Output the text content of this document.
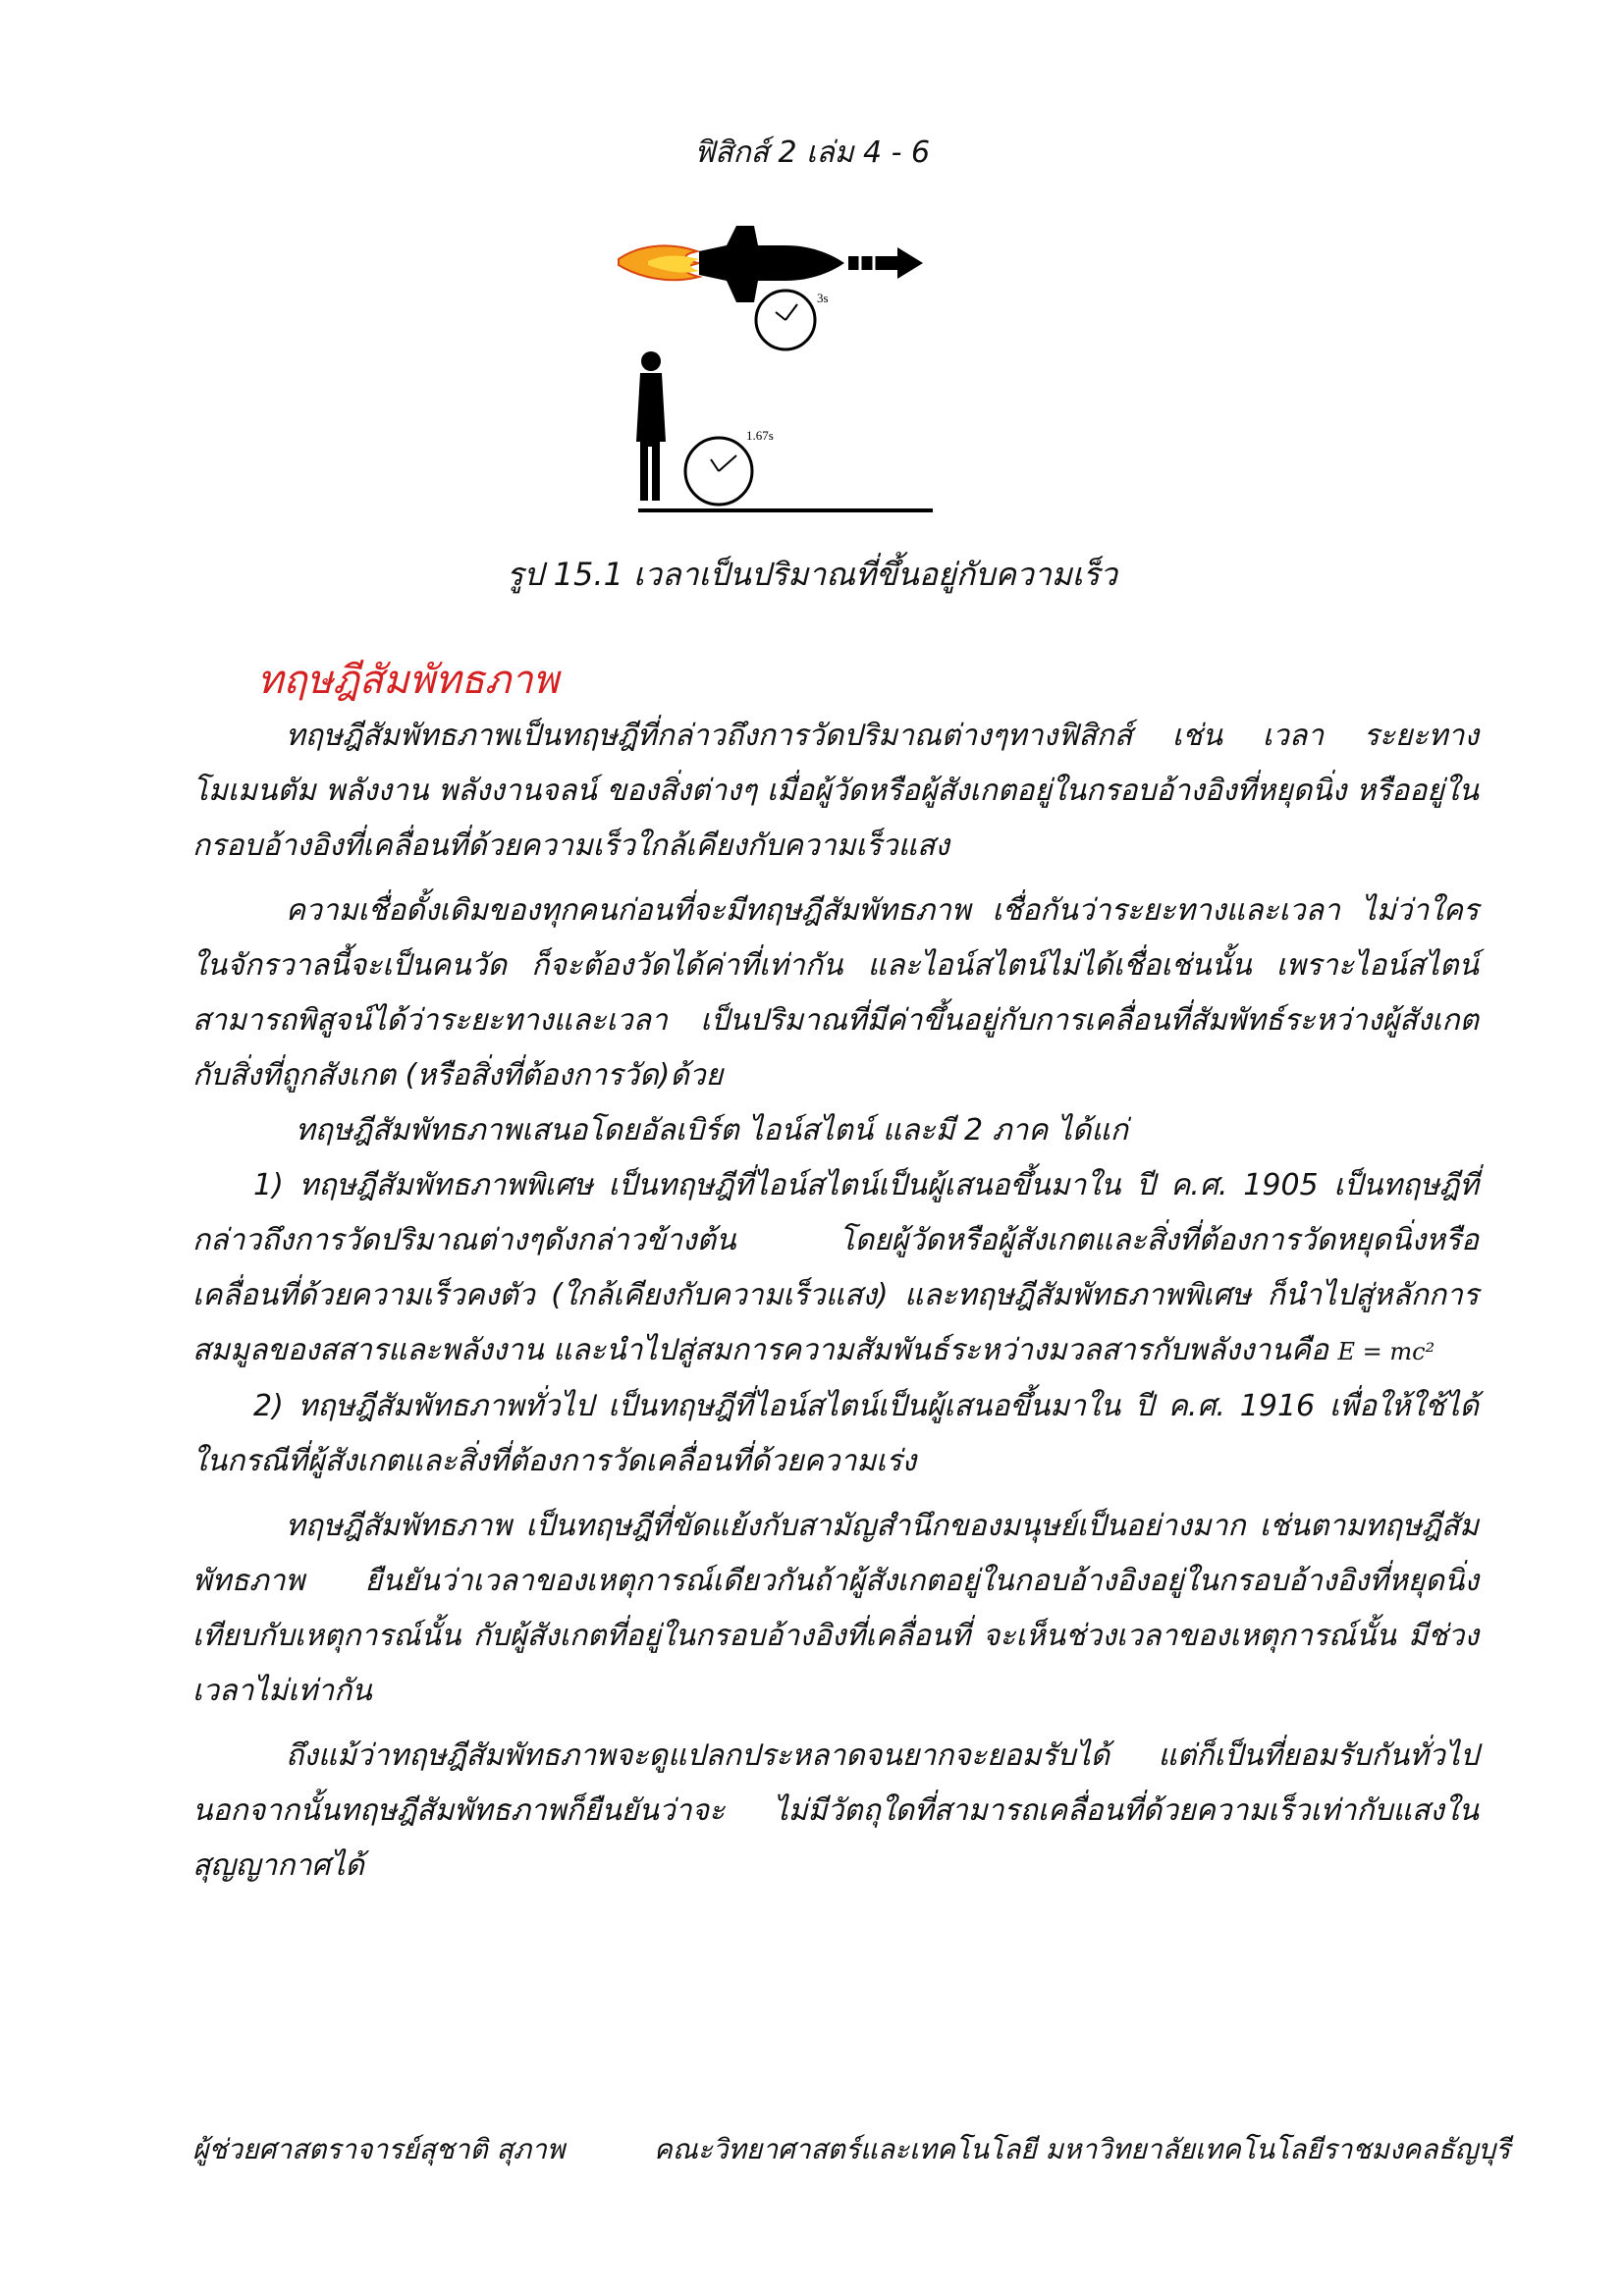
ฟิสิกส์ 2 เล่ม 4 - 6
3s
1.67s
รูป 15.1 เวลาเป็นปริมาณที่ขึ้นอยู่กับความเร็ว
ทฤษฎีสัมพัทธภาพ

ทฤษฎีสัมพัทธภาพเป็นทฤษฎีที่กล่าวถึงการวัดปริมาณต่างๆทางฟิสิกส์ เช่น เวลา ระยะทาง โมเมนตัม พลังงาน พลังงานจลน์ ของสิ่งต่างๆ เมื่อผู้วัดหรือผู้สังเกตอยู่ในกรอบอ้างอิงที่หยุดนิ่ง หรืออยู่ในกรอบอ้างอิงที่เคลื่อนที่ด้วยความเร็วใกล้เคียงกับความเร็วแสง

ความเชื่อดั้งเดิมของทุกคนก่อนที่จะมีทฤษฎีสัมพัทธภาพ เชื่อกันว่าระยะทางและเวลา ไม่ว่าใครในจักรวาลนี้จะเป็นคนวัด ก็จะต้องวัดได้ค่าที่เท่ากัน และไอน์สไตน์ไม่ได้เชื่อเช่นนั้น เพราะไอน์สไตน์สามารถพิสูจน์ได้ว่าระยะทางและเวลา เป็นปริมาณที่มีค่าขึ้นอยู่กับการเคลื่อนที่สัมพัทธ์ระหว่างผู้สังเกตกับสิ่งที่ถูกสังเกต (หรือสิ่งที่ต้องการวัด)ด้วย

ทฤษฎีสัมพัทธภาพเสนอโดยอัลเบิร์ต ไอน์สไตน์ และมี 2 ภาค ได้แก่

1) ทฤษฎีสัมพัทธภาพพิเศษ เป็นทฤษฎีที่ไอน์สไตน์เป็นผู้เสนอขึ้นมาใน ปี ค.ศ. 1905 เป็นทฤษฎีที่กล่าวถึงการวัดปริมาณต่างๆดังกล่าวข้างต้น โดยผู้วัดหรือผู้สังเกตและสิ่งที่ต้องการวัดหยุดนิ่งหรือเคลื่อนที่ด้วยความเร็วคงตัว (ใกล้เคียงกับความเร็วแสง) และทฤษฎีสัมพัทธภาพพิเศษ ก็นำไปสู่หลักการสมมูลของสสารและพลังงาน และนำไปสู่สมการความสัมพันธ์ระหว่างมวลสารกับพลังงานคือ E = mc²

2) ทฤษฎีสัมพัทธภาพทั่วไป เป็นทฤษฎีที่ไอน์สไตน์เป็นผู้เสนอขึ้นมาใน ปี ค.ศ. 1916 เพื่อให้ใช้ได้ในกรณีที่ผู้สังเกตและสิ่งที่ต้องการวัดเคลื่อนที่ด้วยความเร่ง

ทฤษฎีสัมพัทธภาพ เป็นทฤษฎีที่ขัดแย้งกับสามัญสำนึกของมนุษย์เป็นอย่างมาก เช่นตามทฤษฎีสัมพัทธภาพ ยืนยันว่าเวลาของเหตุการณ์เดียวกันถ้าผู้สังเกตอยู่ในกอบอ้างอิงอยู่ในกรอบอ้างอิงที่หยุดนิ่งเทียบกับเหตุการณ์นั้น กับผู้สังเกตที่อยู่ในกรอบอ้างอิงที่เคลื่อนที่ จะเห็นช่วงเวลาของเหตุการณ์นั้น มีช่วงเวลาไม่เท่ากัน

ถึงแม้ว่าทฤษฎีสัมพัทธภาพจะดูแปลกประหลาดจนยากจะยอมรับได้ แต่ก็เป็นที่ยอมรับกันทั่วไป นอกจากนั้นทฤษฎีสัมพัทธภาพก็ยืนยันว่าจะ ไม่มีวัตถุใดที่สามารถเคลื่อนที่ด้วยความเร็วเท่ากับแสงในสุญญากาศได้

ผู้ช่วยศาสตราจารย์สุชาติ สุภาพ	คณะวิทยาศาสตร์และเทคโนโลยี มหาวิทยาลัยเทคโนโลยีราชมงคลธัญบุรี
